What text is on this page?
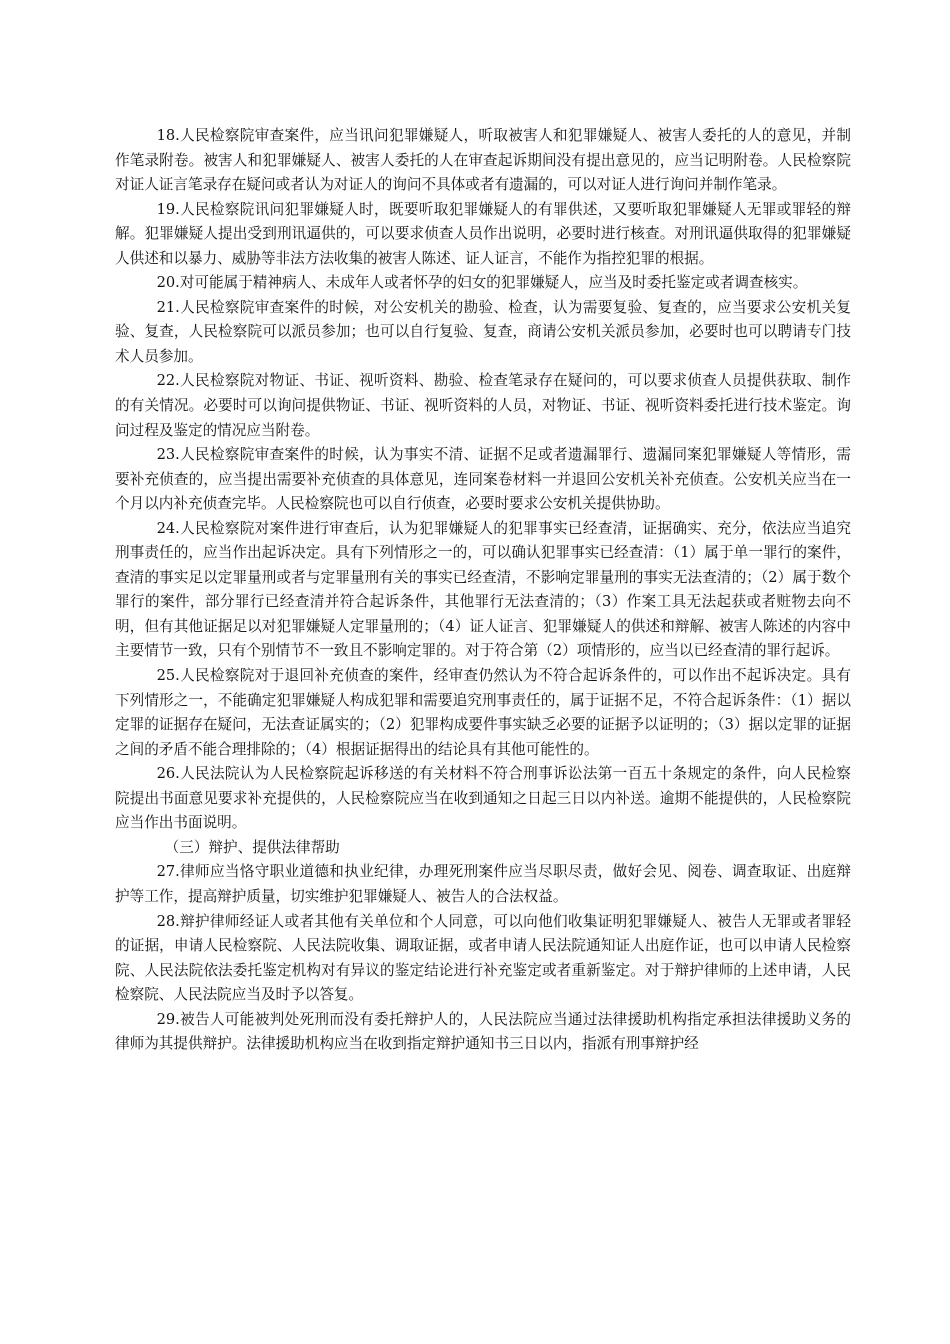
18.人民检察院审查案件，应当讯问犯罪嫌疑人，听取被害人和犯罪嫌疑人、被害人委托的人的意见，并制作笔录附卷。被害人和犯罪嫌疑人、被害人委托的人在审查起诉期间没有提出意见的，应当记明附卷。人民检察院对证人证言笔录存在疑问或者认为对证人的询问不具体或者有遗漏的，可以对证人进行询问并制作笔录。

19.人民检察院讯问犯罪嫌疑人时，既要听取犯罪嫌疑人的有罪供述，又要听取犯罪嫌疑人无罪或罪轻的辩解。犯罪嫌疑人提出受到刑讯逼供的，可以要求侦查人员作出说明，必要时进行核查。对刑讯逼供取得的犯罪嫌疑人供述和以暴力、威胁等非法方法收集的被害人陈述、证人证言，不能作为指控犯罪的根据。

20.对可能属于精神病人、未成年人或者怀孕的妇女的犯罪嫌疑人，应当及时委托鉴定或者调查核实。

21.人民检察院审查案件的时候，对公安机关的勘验、检查，认为需要复验、复查的，应当要求公安机关复验、复查，人民检察院可以派员参加；也可以自行复验、复查，商请公安机关派员参加，必要时也可以聘请专门技术人员参加。

22.人民检察院对物证、书证、视听资料、勘验、检查笔录存在疑问的，可以要求侦查人员提供获取、制作的有关情况。必要时可以询问提供物证、书证、视听资料的人员，对物证、书证、视听资料委托进行技术鉴定。询问过程及鉴定的情况应当附卷。

23.人民检察院审查案件的时候，认为事实不清、证据不足或者遗漏罪行、遗漏同案犯罪嫌疑人等情形，需要补充侦查的，应当提出需要补充侦查的具体意见，连同案卷材料一并退回公安机关补充侦查。公安机关应当在一个月以内补充侦查完毕。人民检察院也可以自行侦查，必要时要求公安机关提供协助。

24.人民检察院对案件进行审查后，认为犯罪嫌疑人的犯罪事实已经查清，证据确实、充分，依法应当追究刑事责任的，应当作出起诉决定。具有下列情形之一的，可以确认犯罪事实已经查清：（1）属于单一罪行的案件，查清的事实足以定罪量刑或者与定罪量刑有关的事实已经查清，不影响定罪量刑的事实无法查清的；（2）属于数个罪行的案件，部分罪行已经查清并符合起诉条件，其他罪行无法查清的；（3）作案工具无法起获或者赃物去向不明，但有其他证据足以对犯罪嫌疑人定罪量刑的；（4）证人证言、犯罪嫌疑人的供述和辩解、被害人陈述的内容中主要情节一致，只有个别情节不一致且不影响定罪的。对于符合第（2）项情形的，应当以已经查清的罪行起诉。

25.人民检察院对于退回补充侦查的案件，经审查仍然认为不符合起诉条件的，可以作出不起诉决定。具有下列情形之一，不能确定犯罪嫌疑人构成犯罪和需要追究刑事责任的，属于证据不足，不符合起诉条件：（1）据以定罪的证据存在疑问，无法查证属实的；（2）犯罪构成要件事实缺乏必要的证据予以证明的；（3）据以定罪的证据之间的矛盾不能合理排除的；（4）根据证据得出的结论具有其他可能性的。

26.人民法院认为人民检察院起诉移送的有关材料不符合刑事诉讼法第一百五十条规定的条件，向人民检察院提出书面意见要求补充提供的，人民检察院应当在收到通知之日起三日以内补送。逾期不能提供的，人民检察院应当作出书面说明。

（三）辩护、提供法律帮助

27.律师应当恪守职业道德和执业纪律，办理死刑案件应当尽职尽责，做好会见、阅卷、调查取证、出庭辩护等工作，提高辩护质量，切实维护犯罪嫌疑人、被告人的合法权益。

28.辩护律师经证人或者其他有关单位和个人同意，可以向他们收集证明犯罪嫌疑人、被告人无罪或者罪轻的证据，申请人民检察院、人民法院收集、调取证据，或者申请人民法院通知证人出庭作证，也可以申请人民检察院、人民法院依法委托鉴定机构对有异议的鉴定结论进行补充鉴定或者重新鉴定。对于辩护律师的上述申请，人民检察院、人民法院应当及时予以答复。

29.被告人可能被判处死刑而没有委托辩护人的，人民法院应当通过法律援助机构指定承担法律援助义务的律师为其提供辩护。法律援助机构应当在收到指定辩护通知书三日以内，指派有刑事辩护经
